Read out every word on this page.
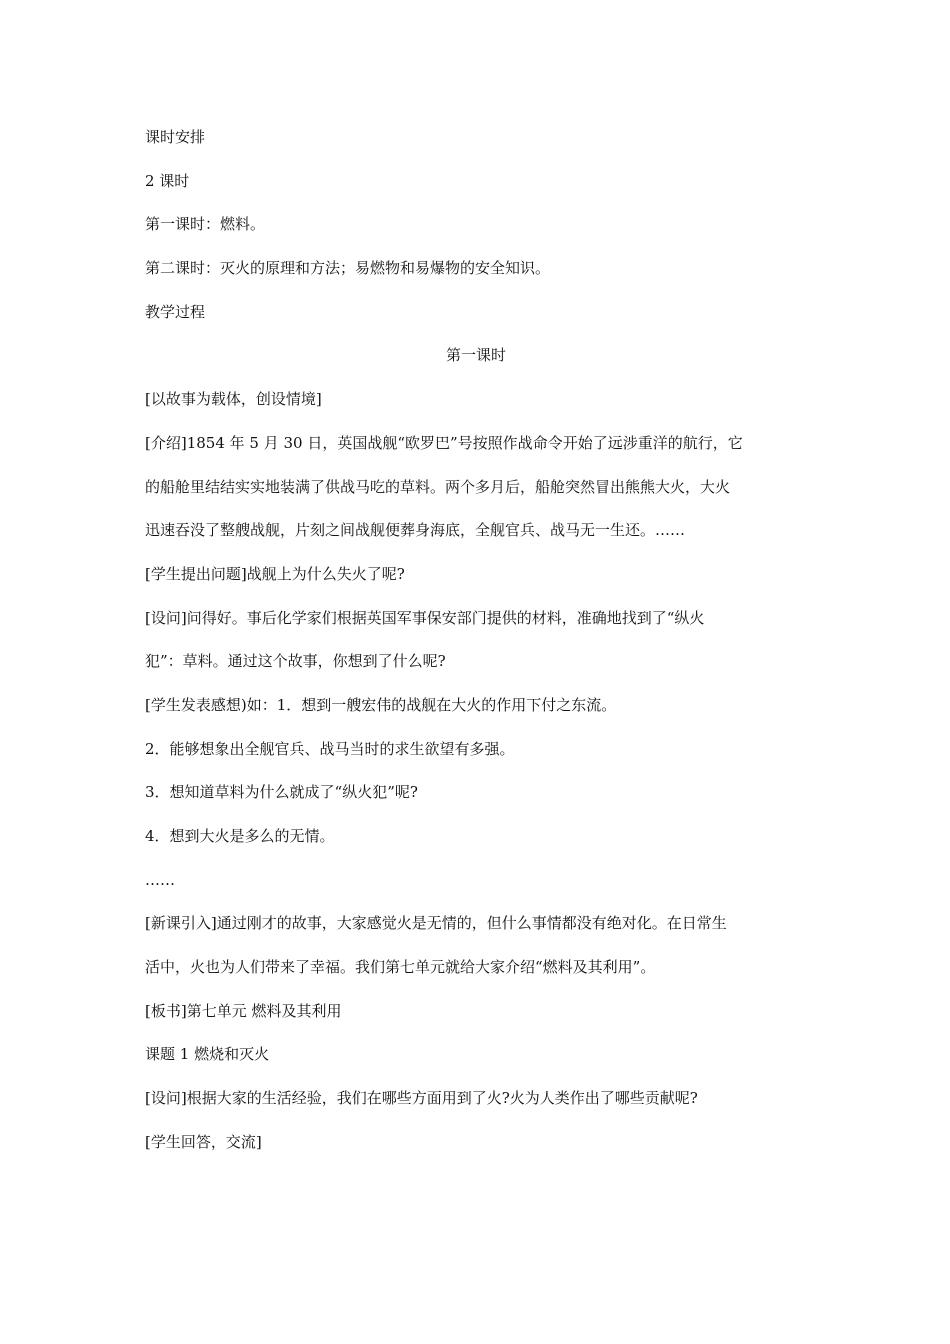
课时安排
2 课时
第一课时：燃料。
第二课时：灭火的原理和方法；易燃物和易爆物的安全知识。
教学过程
第一课时
[以故事为载体，创设情境]
[介绍]1854 年 5 月 30 日，英国战舰“欧罗巴”号按照作战命令开始了远涉重洋的航行，它
的船舱里结结实实地装满了供战马吃的草料。两个多月后，船舱突然冒出熊熊大火，大火
迅速吞没了整艘战舰，片刻之间战舰便葬身海底，全舰官兵、战马无一生还。……
[学生提出问题]战舰上为什么失火了呢?
[设问]问得好。事后化学家们根据英国军事保安部门提供的材料，准确地找到了“纵火
犯”：草料。通过这个故事，你想到了什么呢?
[学生发表感想)如：1．想到一艘宏伟的战舰在大火的作用下付之东流。
2．能够想象出全舰官兵、战马当时的求生欲望有多强。
3．想知道草料为什么就成了“纵火犯”呢?
4．想到大火是多么的无情。
……
[新课引入]通过刚才的故事，大家感觉火是无情的，但什么事情都没有绝对化。在日常生
活中，火也为人们带来了幸福。我们第七单元就给大家介绍“燃料及其利用”。
[板书]第七单元 燃料及其利用
课题 1 燃烧和灭火
[设问]根据大家的生活经验，我们在哪些方面用到了火?火为人类作出了哪些贡献呢?
[学生回答，交流]
